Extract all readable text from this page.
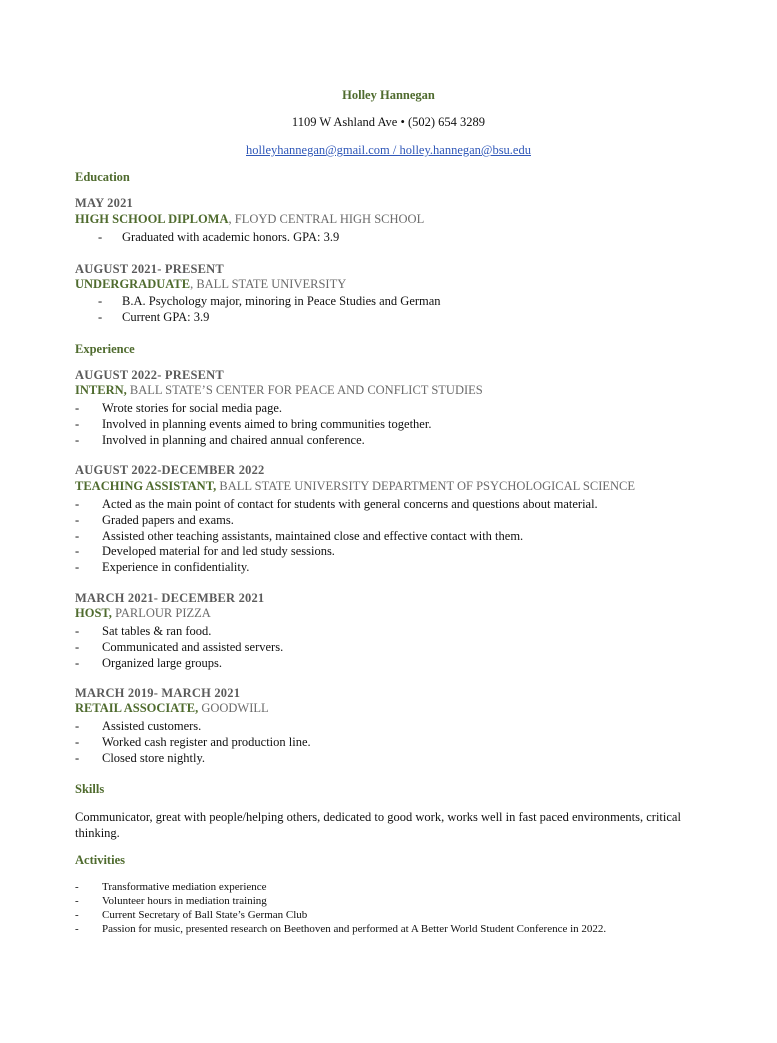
Holley Hannegan
1109 W Ashland Ave • (502) 654 3289
holleyhannegan@gmail.com / holley.hannegan@bsu.edu
Education
MAY 2021
HIGH SCHOOL DIPLOMA, FLOYD CENTRAL HIGH SCHOOL
-	Graduated with academic honors. GPA: 3.9
AUGUST 2021- PRESENT
UNDERGRADUATE, BALL STATE UNIVERSITY
-	B.A. Psychology major, minoring in Peace Studies and German
-	Current GPA: 3.9
Experience
AUGUST 2022- PRESENT
INTERN, BALL STATE’S CENTER FOR PEACE AND CONFLICT STUDIES
-	Wrote stories for social media page.
-	Involved in planning events aimed to bring communities together.
-	Involved in planning and chaired annual conference.
AUGUST 2022-DECEMBER 2022
TEACHING ASSISTANT, BALL STATE UNIVERSITY DEPARTMENT OF PSYCHOLOGICAL SCIENCE
-	Acted as the main point of contact for students with general concerns and questions about material.
-	Graded papers and exams.
-	Assisted other teaching assistants, maintained close and effective contact with them.
-	Developed material for and led study sessions.
-	Experience in confidentiality.
MARCH 2021- DECEMBER 2021
HOST, PARLOUR PIZZA
-	Sat tables & ran food.
-	Communicated and assisted servers.
-	Organized large groups.
MARCH 2019- MARCH 2021
RETAIL ASSOCIATE, GOODWILL
-	Assisted customers.
-	Worked cash register and production line.
-	Closed store nightly.
Skills
Communicator, great with people/helping others, dedicated to good work, works well in fast paced environments, critical thinking.
Activities
-	Transformative mediation experience
-	Volunteer hours in mediation training
-	Current Secretary of Ball State’s German Club
-	Passion for music, presented research on Beethoven and performed at A Better World Student Conference in 2022.
